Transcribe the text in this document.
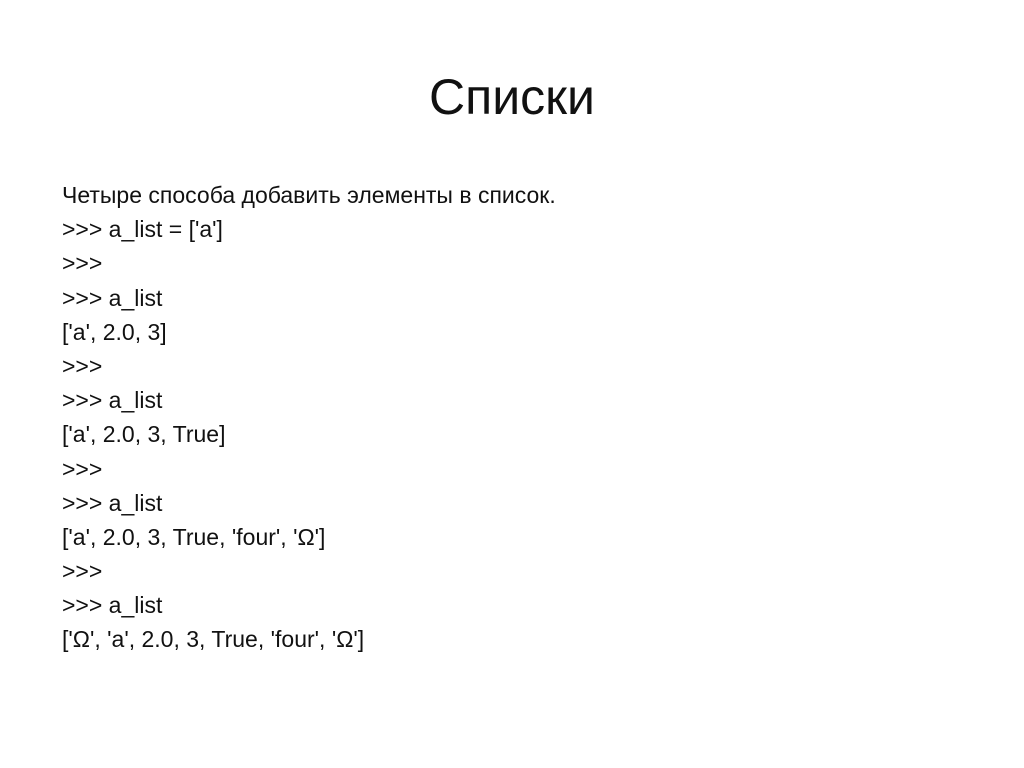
Списки
Четыре способа добавить элементы в список.
>>> a_list = ['a']
>>>
>>> a_list
['a', 2.0, 3]
>>>
>>> a_list
['a', 2.0, 3, True]
>>>
>>> a_list
['a', 2.0, 3, True, 'four', 'Ω']
>>>
>>> a_list
['Ω', 'a', 2.0, 3, True, 'four', 'Ω']
